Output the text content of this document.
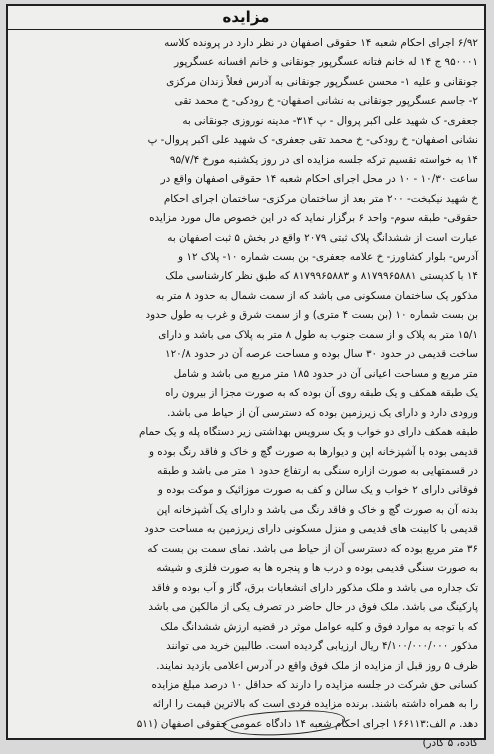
مزایده

۶/۹۲ اجرای احکام شعبه ۱۴ حقوقی اصفهان در نظر دارد در پرونده کلاسه
۹۵۰۰۰۱ ج ۱۴ له خانم فتانه عسگرپور جونقانی و خانم افسانه عسگرپور
جونقانی و علیه ۱- محسن عسگرپور جونقانی به آدرس فعلاً زندان مرکزی
۲- جاسم عسگرپور جونقانی به نشانی اصفهان- خ رودکی- خ محمد تقی
جعفری- ک شهید علی اکبر پروال - پ ۳۱۴- مدینه نوروزی جونقانی به
نشانی اصفهان- خ رودکی- خ محمد تقی جعفری- ک شهید علی اکبر پروال- پ
۱۴ به خواسته تقسیم ترکه جلسه مزایده ای در روز یکشنبه مورخ ۹۵/۷/۴
ساعت ۱۰/۳۰ - ۱۰ در محل اجرای احکام شعبه ۱۴ حقوقی اصفهان واقع در
خ شهید نیکبخت- ۲۰۰ متر بعد از ساختمان مرکزی- ساختمان اجرای احکام
حقوقی- طبقه سوم- واحد ۶ برگزار نماید که در این خصوص مال مورد مزایده
عبارت است از ششدانگ پلاک ثبتی ۲۰۷۹ واقع در بخش ۵ ثبت اصفهان به
آدرس- بلوار کشاورز- خ علامه جعفری- بن بست شماره ۱۰- پلاک ۱۲ و
۱۴ با کدپستی ۸۱۷۹۹۶۵۸۸۱ و ۸۱۷۹۹۶۵۸۸۳ که طبق نظر کارشناسی ملک
مذکور یک ساختمان مسکونی می باشد که از سمت شمال به حدود ۸ متر به
بن بست شماره ۱۰ (بن بست ۴ متری) و از سمت شرق و غرب به طول حدود
۱۵/۱ متر به پلاک و از سمت جنوب به طول ۸ متر به پلاک می باشد و دارای
ساخت قدیمی در حدود ۳۰ سال بوده و مساحت عرصه آن در حدود ۱۲۰/۸
متر مربع و مساحت اعیانی آن در حدود ۱۸۵ متر مربع می باشد و شامل
یک طبقه همکف و یک طبقه روی آن بوده که به صورت مجزا از بیرون راه
ورودی دارد و دارای یک زیرزمین بوده که دسترسی آن از حیاط می باشد.
طبقه همکف دارای دو خواب و یک سرویس بهداشتی زیر دستگاه پله و یک حمام
قدیمی بوده با آشپزخانه اپن و دیوارها به صورت گچ و خاک و فاقد رنگ بوده و
در قسمتهایی به صورت ازاره سنگی به ارتفاع حدود ۱ متر می باشد و طبقه
فوقانی دارای ۲ خواب و یک سالن و کف به صورت موزائیک و موکت بوده و
بدنه آن به صورت گچ و خاک و فاقد رنگ می باشد و دارای یک آشپزخانه اپن
قدیمی با کابینت های قدیمی و منزل مسکونی دارای زیرزمین به مساحت حدود
۳۶ متر مربع بوده که دسترسی آن از حیاط می باشد. نمای سمت بن بست که
به صورت سنگی قدیمی بوده و درب ها و پنجره ها به صورت فلزی و شیشه
تک جداره می باشد و ملک مذکور دارای انشعابات برق، گاز و آب بوده و فاقد
پارکینگ می باشد. ملک فوق در حال حاضر در تصرف یکی از مالکین می باشد
که با توجه به موارد فوق و کلیه عوامل موثر در قضیه ارزش ششدانگ ملک
مذکور ۴/۱۰۰/۰۰۰/۰۰۰ ریال ارزیابی گردیده است. طالبین خرید می توانند
ظرف ۵ روز قبل از مزایده از ملک فوق واقع در آدرس اعلامی بازدید نمایند.
کسانی حق شرکت در جلسه مزایده را دارند که حداقل ۱۰ درصد مبلغ مزایده
را به همراه داشته باشند. برنده مزایده فردی است که بالاترین قیمت را ارائه
دهد. م الف:۱۶۶۱۱۳ اجرای احکام شعبه ۱۴ دادگاه عمومی حقوقی اصفهان (۵۱۱
کاده، ۵ کادر)
